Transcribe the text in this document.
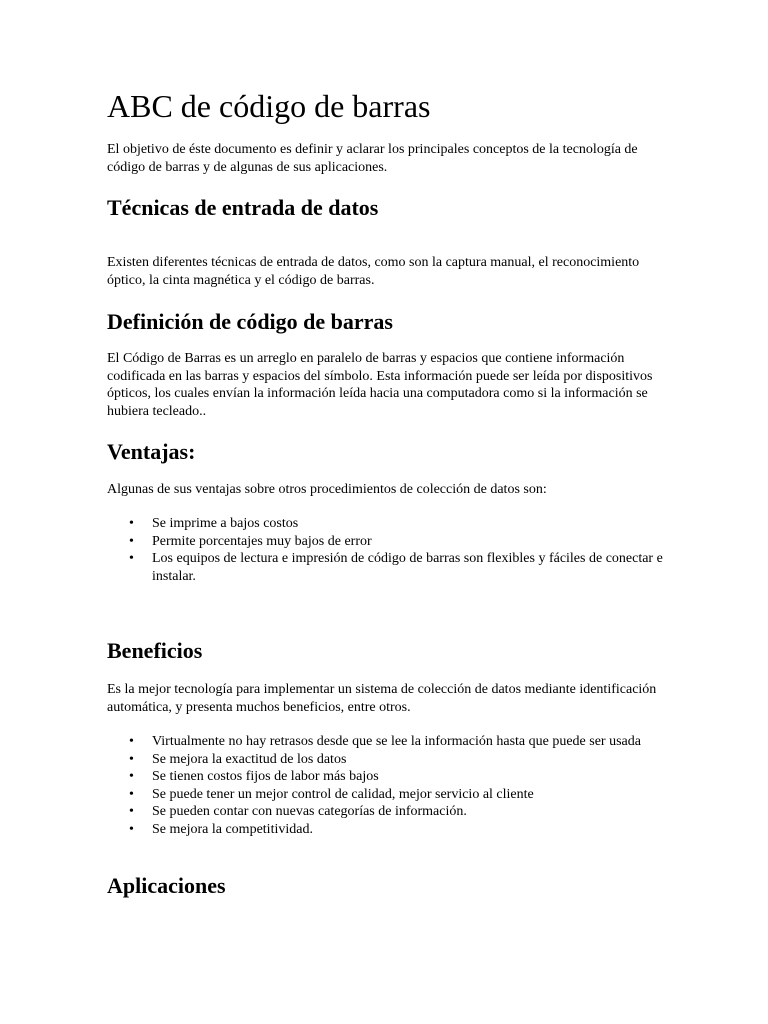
ABC de código de barras

El objetivo de éste documento es definir y aclarar los principales conceptos de la tecnología de código de barras y de algunas de sus aplicaciones.

Técnicas de entrada de datos

Existen diferentes técnicas de entrada de datos, como son la captura manual, el reconocimiento óptico, la cinta magnética y el código de barras.

Definición de código de barras

El Código de Barras es un arreglo en paralelo de barras y espacios que contiene información codificada en las barras y espacios del símbolo. Esta información puede ser leída por dispositivos ópticos, los cuales envían la información leída hacia una computadora como si la información se hubiera tecleado..

Ventajas:

Algunas de sus ventajas sobre otros procedimientos de colección de datos son:

• Se imprime a bajos costos
• Permite porcentajes muy bajos de error
• Los equipos de lectura e impresión de código de barras son flexibles y fáciles de conectar e instalar.
Beneficios

Es la mejor tecnología para implementar un sistema de colección de datos mediante identificación automática, y presenta muchos beneficios, entre otros.

• Virtualmente no hay retrasos desde que se lee la información hasta que puede ser usada
• Se mejora la exactitud de los datos
• Se tienen costos fijos de labor más bajos
• Se puede tener un mejor control de calidad, mejor servicio al cliente
• Se pueden contar con nuevas categorías de información.
• Se mejora la competitividad.
Aplicaciones
